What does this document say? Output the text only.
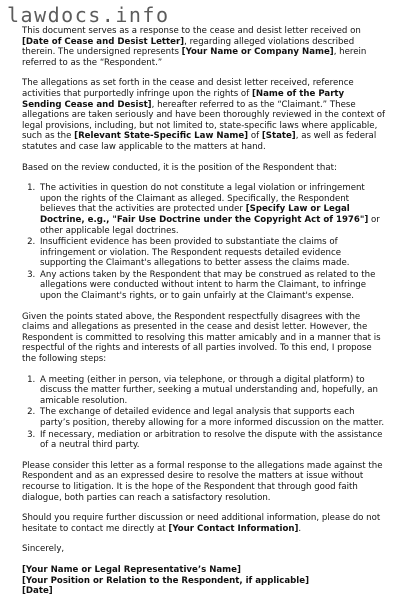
lawdocs.info

This document serves as a response to the cease and desist letter received on [Date of Cease and Desist Letter], regarding alleged violations described therein. The undersigned represents [Your Name or Company Name], herein referred to as the “Respondent.”

The allegations as set forth in the cease and desist letter received, reference activities that purportedly infringe upon the rights of [Name of the Party Sending Cease and Desist], hereafter referred to as the “Claimant.” These allegations are taken seriously and have been thoroughly reviewed in the context of legal provisions, including, but not limited to, state-specific laws where applicable, such as the [Relevant State-Specific Law Name] of [State], as well as federal statutes and case law applicable to the matters at hand.

Based on the review conducted, it is the position of the Respondent that:

1. The activities in question do not constitute a legal violation or infringement upon the rights of the Claimant as alleged. Specifically, the Respondent believes that the activities are protected under [Specify Law or Legal Doctrine, e.g., "Fair Use Doctrine under the Copyright Act of 1976"] or other applicable legal doctrines.
2. Insufficient evidence has been provided to substantiate the claims of infringement or violation. The Respondent requests detailed evidence supporting the Claimant's allegations to better assess the claims made.
3. Any actions taken by the Respondent that may be construed as related to the allegations were conducted without intent to harm the Claimant, to infringe upon the Claimant's rights, or to gain unfairly at the Claimant's expense.

Given the points stated above, the Respondent respectfully disagrees with the claims and allegations as presented in the cease and desist letter. However, the Respondent is committed to resolving this matter amicably and in a manner that is respectful of the rights and interests of all parties involved. To this end, I propose the following steps:

1. A meeting (either in person, via telephone, or through a digital platform) to discuss the matter further, seeking a mutual understanding and, hopefully, an amicable resolution.
2. The exchange of detailed evidence and legal analysis that supports each party’s position, thereby allowing for a more informed discussion on the matter.
3. If necessary, mediation or arbitration to resolve the dispute with the assistance of a neutral third party.

Please consider this letter as a formal response to the allegations made against the Respondent and as an expressed desire to resolve the matters at issue without recourse to litigation. It is the hope of the Respondent that through good faith dialogue, both parties can reach a satisfactory resolution.

Should you require further discussion or need additional information, please do not hesitate to contact me directly at [Your Contact Information].

Sincerely,

[Your Name or Legal Representative’s Name]

[Your Position or Relation to the Respondent, if applicable]

[Date]
